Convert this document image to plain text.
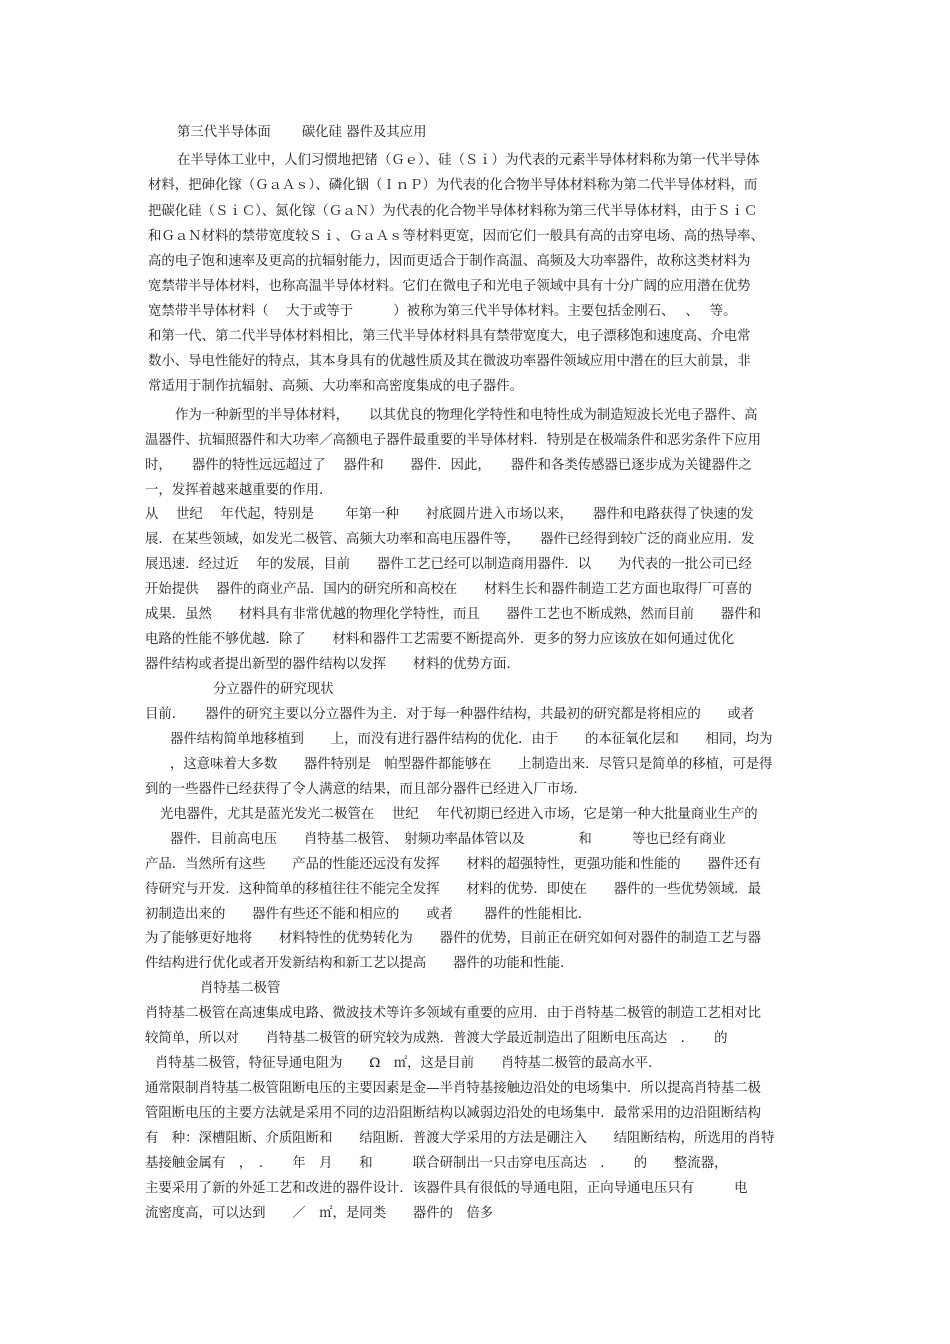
第三代半导体面　　 碳化硅 器件及其应用
在半导体工业中，人们习惯地把锗（Ｇｅ）、硅（Ｓｉ）为代表的元素半导体材料称为第一代半导体
材料，把砷化镓（ＧａＡｓ）、磷化铟（ＩｎＰ）为代表的化合物半导体材料称为第二代半导体材料，而
把碳化硅（ＳｉＣ）、氮化镓（ＧａＮ）为代表的化合物半导体材料称为第三代半导体材料，由于ＳｉＣ
和ＧａＮ材料的禁带宽度较Ｓｉ、ＧａＡｓ等材料更宽，因而它们一般具有高的击穿电场、高的热导率、
高的电子饱和速率及更高的抗辐射能力，因而更适合于制作高温、高频及大功率器件，故称这类材料为
宽禁带半导体材料，也称高温半导体材料。它们在微电子和光电子领域中具有十分广阔的应用潜在优势
宽禁带半导体材料（　 大于或等于　　　）被称为第三代半导体材料。主要包括金刚石、　 、　 等。
和第一代、第二代半导体材料相比，第三代半导体材料具有禁带宽度大，电子漂移饱和速度高、介电常
数小、导电性能好的特点，其本身具有的优越性质及其在微波功率器件领域应用中潜在的巨大前景，非
常适用于制作抗辐射、高频、大功率和高密度集成的电子器件。
作为一种新型的半导体材料，　　以其优良的物理化学特性和电特性成为制造短波长光电子器件、高
温器件、抗辐照器件和大功率／高额电子器件最重要的半导体材料．特别是在极端条件和恶劣条件下应用
时，　　器件的特性远远超过了　 器件和　　器件．因此，　　器件和各类传感器已逐步成为关键器件之
一，发挥着越来越重要的作用．
从　 世纪　 年代起，特别是　　 年第一种　　衬底圆片进入市场以来，　　器件和电路获得了快速的发
展．在某些领域，如发光二极管、高频大功率和高电压器件等，　　器件已经得到较广泛的商业应用．发
展迅速．经过近　 年的发展，目前　　器件工艺已经可以制造商用器件．以　　为代表的一批公司已经
开始提供　 器件的商业产品．国内的研究所和高校在　　材料生长和器件制造工艺方面也取得厂可喜的
成果．虽然　　材料具有非常优越的物理化学特性，而且　　器件工艺也不断成熟，然而目前　　器件和
电路的性能不够优越．除了　　材料和器件工艺需要不断提高外．更多的努力应该放在如何通过优化
器件结构或者提出新型的器件结构以发挥　　材料的优势方面．
分立器件的研究现状
目前．　　器件的研究主要以分立器件为主．对于每一种器件结构，共最初的研究都是将相应的　　或者
器件结构简单地移植到　　上，而没有进行器件结构的优化．由于　　的本征氧化层和　　相同，均为
，这意味着大多数　　器件特别是　帕型器件都能够在　　上制造出来．尽管只是简单的移植，可是得
到的一些器件已经获得了令人满意的结果，而且部分器件已经进入厂市场．
光电器件，尤其是蓝光发光二极管在　 世纪　 年代初期已经进入市场，它是第一种大批量商业生产的
器件．目前高电压　　肖特基二极管、　射频功率晶体管以及　　　　和　　　等也已经有商业
产品．当然所有这些　　产品的性能还远没有发挥　　材料的超强特性，更强功能和性能的　　器件还有
待研究与开发．这种简单的移植往往不能完全发挥　　材料的优势．即使在　　器件的一些优势领域．最
初制造出来的　　器件有些还不能和相应的　　或者　　 器件的性能相比．
为了能够更好地将　　材料特性的优势转化为　　器件的优势，目前正在研究如何对器件的制造工艺与器
件结构进行优化或者开发新结构和新工艺以提高　　器件的功能和性能．
肖特基二极管
肖特基二极管在高速集成电路、微波技术等许多领域有重要的应用．由于肖特基二极管的制造工艺相对比
较简单，所以对　　肖特基二极管的研究较为成熟．普渡大学最近制造出了阻断电压高达　．　　的
肖特基二极管，特征导通电阻为　　Ω　㎡，这是目前　　肖特基二极管的最高水平．
通常限制肖特基二极管阻断电压的主要因素是金—半肖特基接触边沿处的电场集中．所以提高肖特基二极
管阻断电压的主要方法就是采用不同的边沿阻断结构以减弱边沿处的电场集中．最常采用的边沿阻断结构
有　种：深槽阻断、介质阻断和　　结阻断．普渡大学采用的方法是硼注入　　结阻断结构，所选用的肖特
基接触金属有　，　．　　年　月　　和　　　联合研制出一只击穿电压高达　．　　的　　整流器，
主要采用了新的外延工艺和改进的器件设计．该器件具有很低的导通电阻，正向导通电压只有　　　电
流密度高，可以达到　　／　㎡，是同类　　器件的　倍多
